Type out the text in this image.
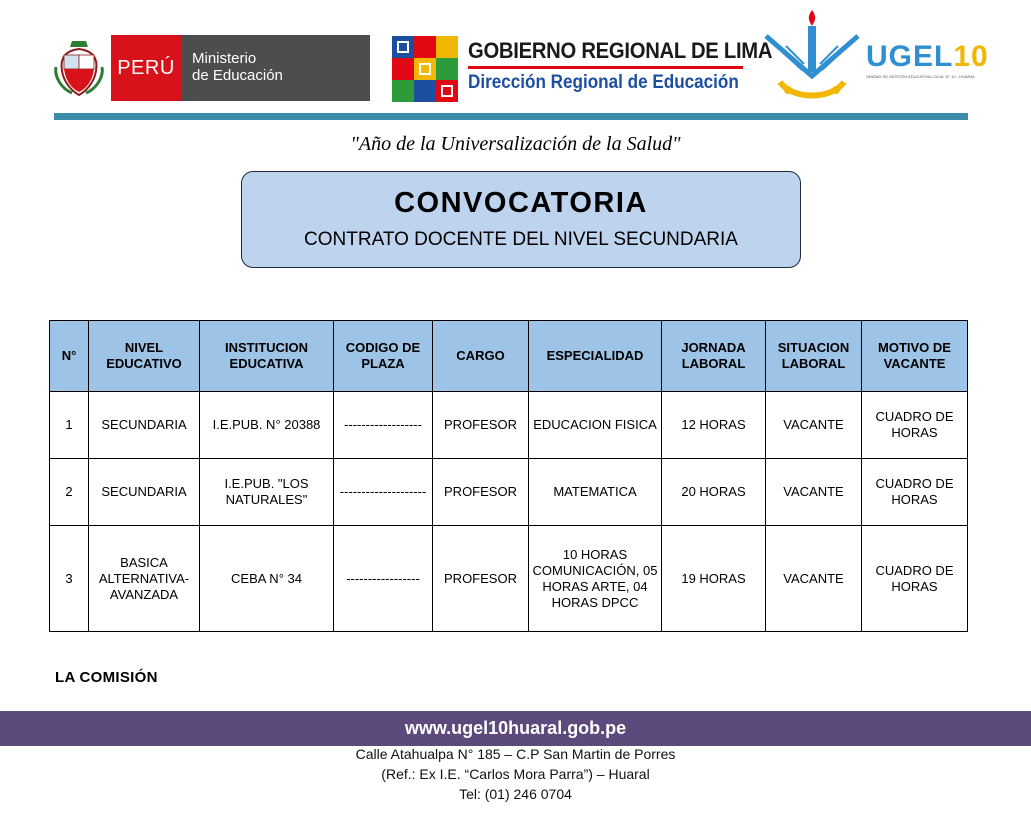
PERÚ	Ministerio
de Educación
GOBIERNO REGIONAL DE LIMA
Dirección Regional de Educación
UGEL10
UNIDAD DE GESTIÓN EDUCATIVA LOCAL N° 10 - HUARAL
"Año de la Universalización de la Salud"
CONVOCATORIA
CONTRATO DOCENTE DEL NIVEL SECUNDARIA
N°	NIVEL EDUCATIVO	INSTITUCION EDUCATIVA	CODIGO DE PLAZA	CARGO	ESPECIALIDAD	JORNADA LABORAL	SITUACION LABORAL	MOTIVO DE VACANTE
1	SECUNDARIA	I.E.PUB. N° 20388	------------------	PROFESOR	EDUCACION FISICA	12 HORAS	VACANTE	CUADRO DE HORAS
2	SECUNDARIA	I.E.PUB. "LOS NATURALES"	--------------------	PROFESOR	MATEMATICA	20 HORAS	VACANTE	CUADRO DE HORAS
3	BASICA ALTERNATIVA-AVANZADA	CEBA N° 34	-----------------	PROFESOR	10 HORAS COMUNICACIÓN, 05 HORAS ARTE, 04 HORAS DPCC	19 HORAS	VACANTE	CUADRO DE HORAS
LA COMISIÓN
www.ugel10huaral.gob.pe
Calle Atahualpa N° 185 – C.P San Martin de Porres
(Ref.: Ex I.E. “Carlos Mora Parra”) – Huaral
Tel: (01) 246 0704
